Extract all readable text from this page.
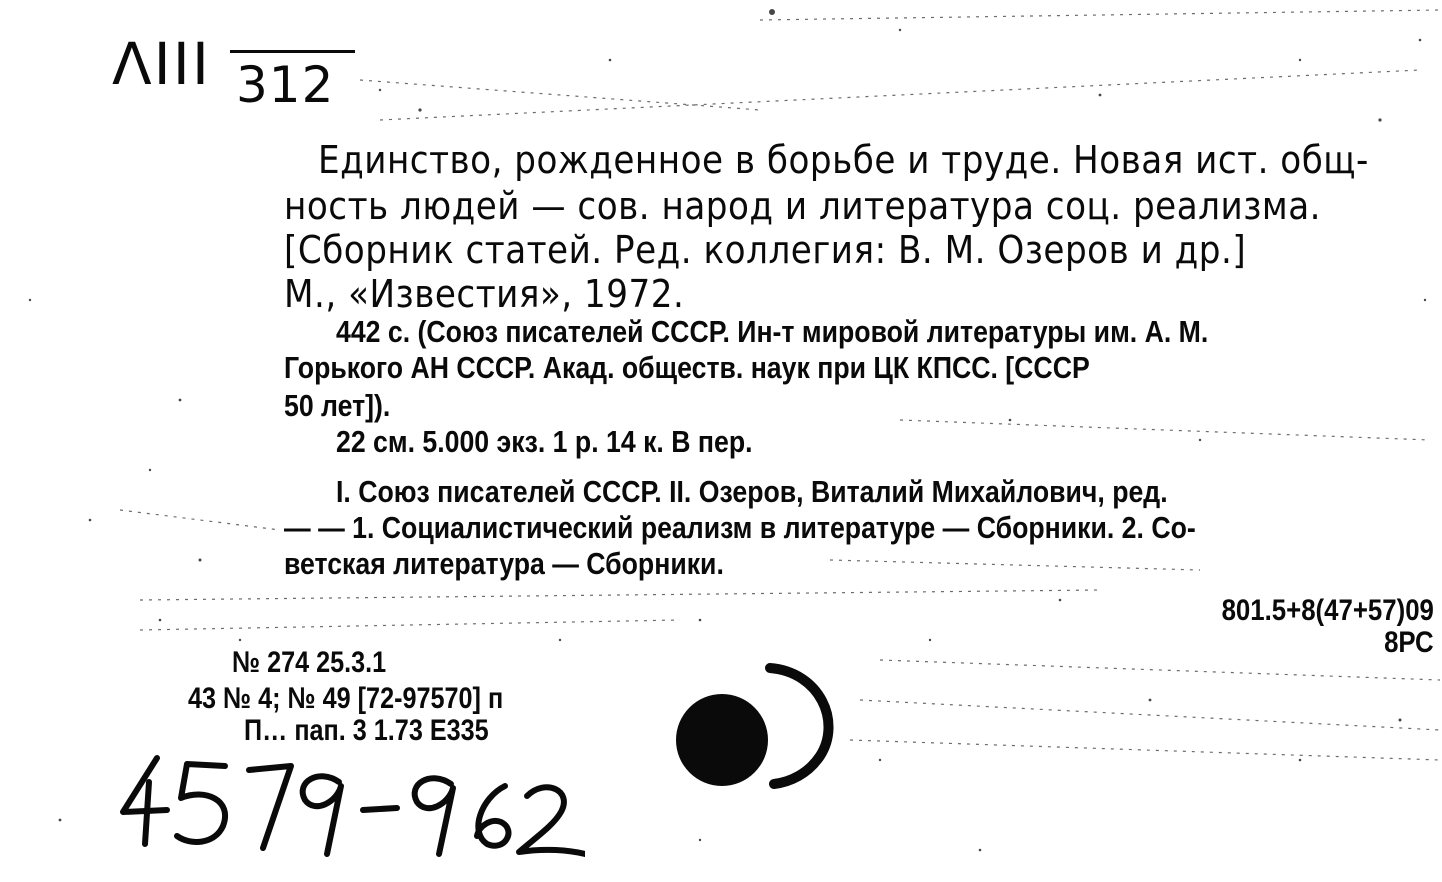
ΛIII 312
Единство, рожденное в борьбе и труде. Новая ист. общ-
ность людей — сов. народ и литература соц. реализма.
[Сборник статей. Ред. коллегия: В. М. Озеров и др.]
М., «Известия», 1972.
442 с. (Союз писателей СССР. Ин-т мировой литературы им. А. М.
Горького АН СССР. Акад. обществ. наук при ЦК КПСС. [СССР
50 лет]).
22 см. 5.000 экз. 1 р. 14 к. В пер.
I. Союз писателей СССР. II. Озеров, Виталий Михайлович, ред.
— — 1. Социалистический реализм в литературе — Сборники. 2. Со-
ветская литература — Сборники.
801.5+8(47+57)09
8РС
№ 274 25.3.1
43 № 4; № 49 [72-97570] п
П… пап. 3 1.73 Е335
